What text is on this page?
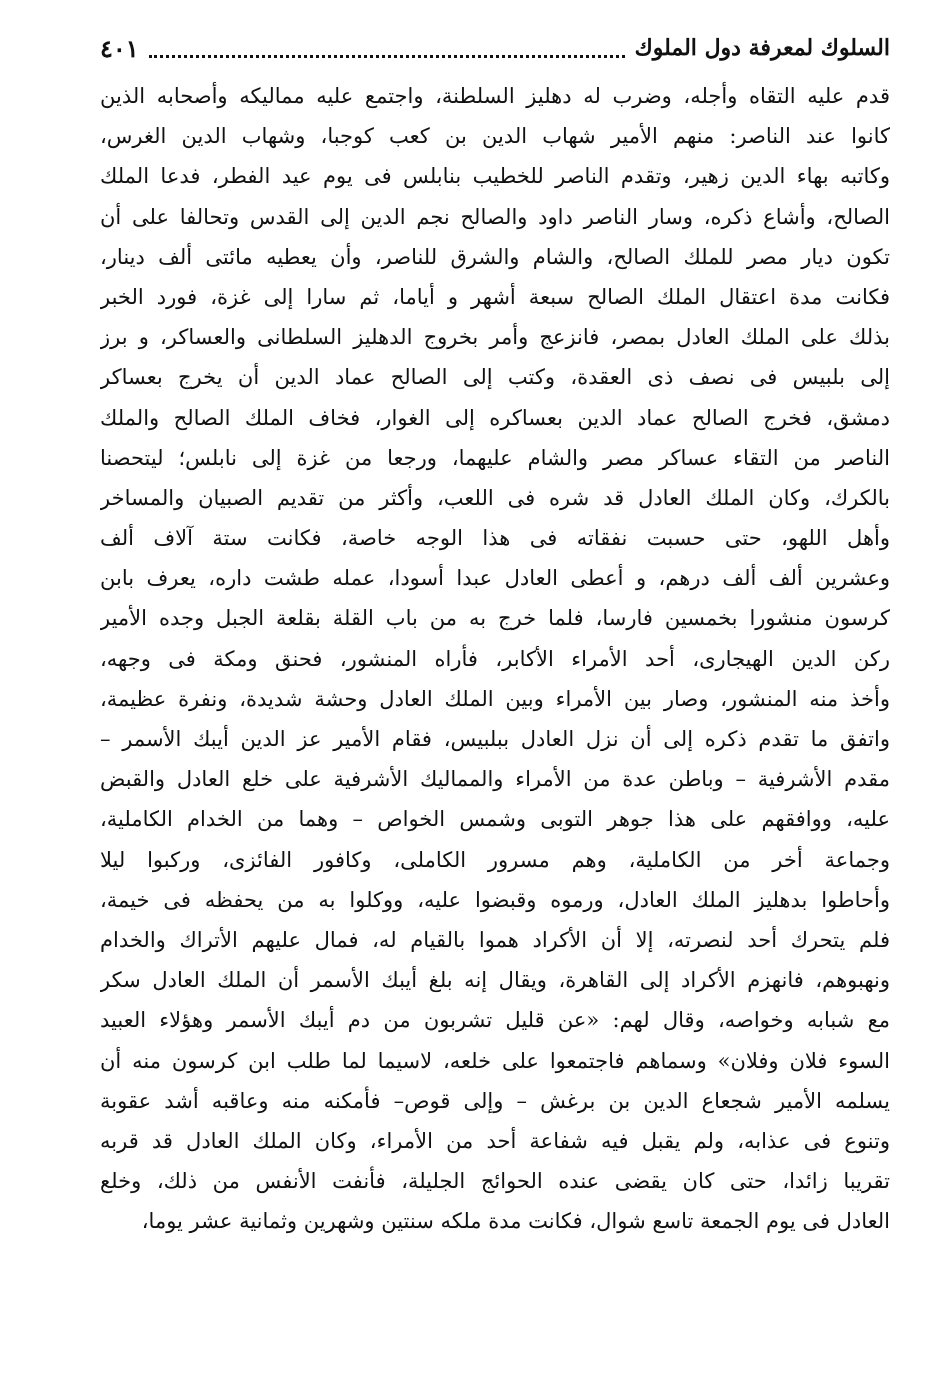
السلوك لمعرفة دول الملوك
٤٠١
قدم عليه التقاه وأجله، وضرب له دهليز السلطنة، واجتمع عليه مماليكه وأصحابه الذين
كانوا عند الناصر: منهم الأمير شهاب الدين بن كعب كوجبا، وشهاب الدين الغرس،
وكاتبه بهاء الدين زهير، وتقدم الناصر للخطيب بنابلس فى يوم عيد الفطر، فدعا الملك
الصالح، وأشاع ذكره، وسار الناصر داود والصالح نجم الدين إلى القدس وتحالفا على أن
تكون ديار مصر للملك الصالح، والشام والشرق للناصر، وأن يعطيه مائتى ألف دينار،
فكانت مدة اعتقال الملك الصالح سبعة أشهر و أياما، ثم سارا إلى غزة، فورد الخبر
بذلك على الملك العادل بمصر، فانزعج وأمر بخروج الدهليز السلطانى والعساكر، و برز
إلى بلبيس فى نصف ذى العقدة، وكتب إلى الصالح عماد الدين أن يخرج بعساكر
دمشق، فخرج الصالح عماد الدين بعساكره إلى الغوار، فخاف الملك الصالح والملك
الناصر من التقاء عساكر مصر والشام عليهما، ورجعا من غزة إلى نابلس؛ ليتحصنا
بالكرك، وكان الملك العادل قد شره فى اللعب، وأكثر من تقديم الصبيان والمساخر
وأهل اللهو، حتى حسبت نفقاته فى هذا الوجه خاصة، فكانت ستة آلاف ألف
وعشرين ألف ألف درهم، و أعطى العادل عبدا أسودا، عمله طشت داره، يعرف بابن
كرسون منشورا بخمسين فارسا، فلما خرج به من باب القلة بقلعة الجبل وجده الأمير
ركن الدين الهيجارى، أحد الأمراء الأكابر، فأراه المنشور، فحنق ومكة فى وجهه،
وأخذ منه المنشور، وصار بين الأمراء وبين الملك العادل وحشة شديدة، ونفرة عظيمة،
واتفق ما تقدم ذكره إلى أن نزل العادل ببلبيس، فقام الأمير عز الدين أيبك الأسمر –
مقدم الأشرفية – وباطن عدة من الأمراء والمماليك الأشرفية على خلع العادل والقبض
عليه، ووافقهم على هذا جوهر التوبى وشمس الخواص – وهما من الخدام الكاملية،
وجماعة أخر من الكاملية، وهم مسرور الكاملى، وكافور الفائزى، وركبوا ليلا
وأحاطوا بدهليز الملك العادل، ورموه وقبضوا عليه، ووكلوا به من يحفظه فى خيمة،
فلم يتحرك أحد لنصرته، إلا أن الأكراد هموا بالقيام له، فمال عليهم الأتراك والخدام
ونهبوهم، فانهزم الأكراد إلى القاهرة، ويقال إنه بلغ أيبك الأسمر أن الملك العادل سكر
مع شبابه وخواصه، وقال لهم: «عن قليل تشربون من دم أيبك الأسمر وهؤلاء العبيد
السوء فلان وفلان» وسماهم فاجتمعوا على خلعه، لاسيما لما طلب ابن كرسون منه أن
يسلمه الأمير شجعاع الدين بن برغش – وإلى قوص– فأمكنه منه وعاقبه أشد عقوبة
وتنوع فى عذابه، ولم يقبل فيه شفاعة أحد من الأمراء، وكان الملك العادل قد قربه
تقريبا زائدا، حتى كان يقضى عنده الحوائج الجليلة، فأنفت الأنفس من ذلك، وخلع
العادل فى يوم الجمعة تاسع شوال، فكانت مدة ملكه سنتين وشهرين وثمانية عشر يوما،
